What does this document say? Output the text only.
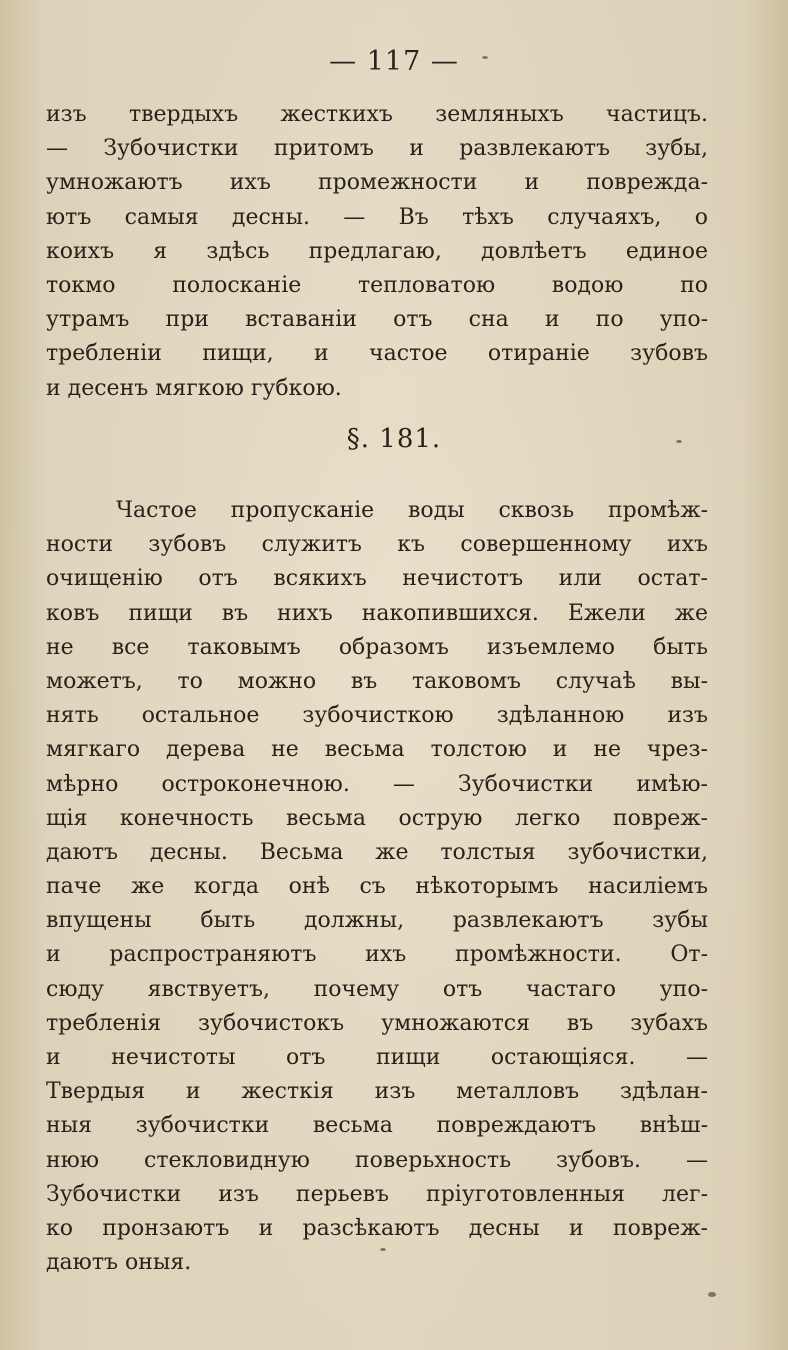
— 117 —
изъ твердыхъ жесткихъ земляныхъ частицъ.
— Зубочистки притомъ и развлекаютъ зубы,
умножаютъ ихъ промежности и повреждa-
ютъ самыя десны. — Въ тѣхъ случаяхъ, о
коихъ я здѣсь предлагаю, довлѣетъ единое
токмо полосканіе тепловатою водою по
утрамъ при вставаніи отъ сна и по упо-
требленіи пищи, и частое отираніе зубовъ
и десенъ мягкою губкою.
§. 181.
Частое пропусканіе воды сквозь промѣж-
ности зубовъ служитъ къ совершенному ихъ
очищенію отъ всякихъ нечистотъ или остат-
ковъ пищи въ нихъ накопившихся. Ежели же
не все таковымъ образомъ изъемлемо быть
можетъ, то можно въ таковомъ случаѣ вы-
нять остальное зубочисткою здѣланною изъ
мягкаго дерева не весьма толстою и не чрез-
мѣрно остроконечною. — Зубочистки имѣю-
щія конечность весьма острую легко повреж-
даютъ десны. Весьма же толстыя зубочистки,
паче же когда онѣ съ нѣкоторымъ насиліемъ
впущены быть должны, развлекаютъ зубы
и распространяютъ ихъ промѣжности. От-
сюду явствуетъ, почему отъ частаго упо-
требленія зубочистокъ умножаются въ зубахъ
и нечистоты отъ пищи остающіяся. —
Твердыя и жесткія изъ металловъ здѣлан-
ныя зубочистки весьма повреждаютъ внѣш-
нюю стекловидную поверьхность зубовъ. —
Зубочистки изъ перьевъ пріуготовленныя лег-
ко пронзаютъ и разсѣкаютъ десны и повреж-
даютъ оныя.
